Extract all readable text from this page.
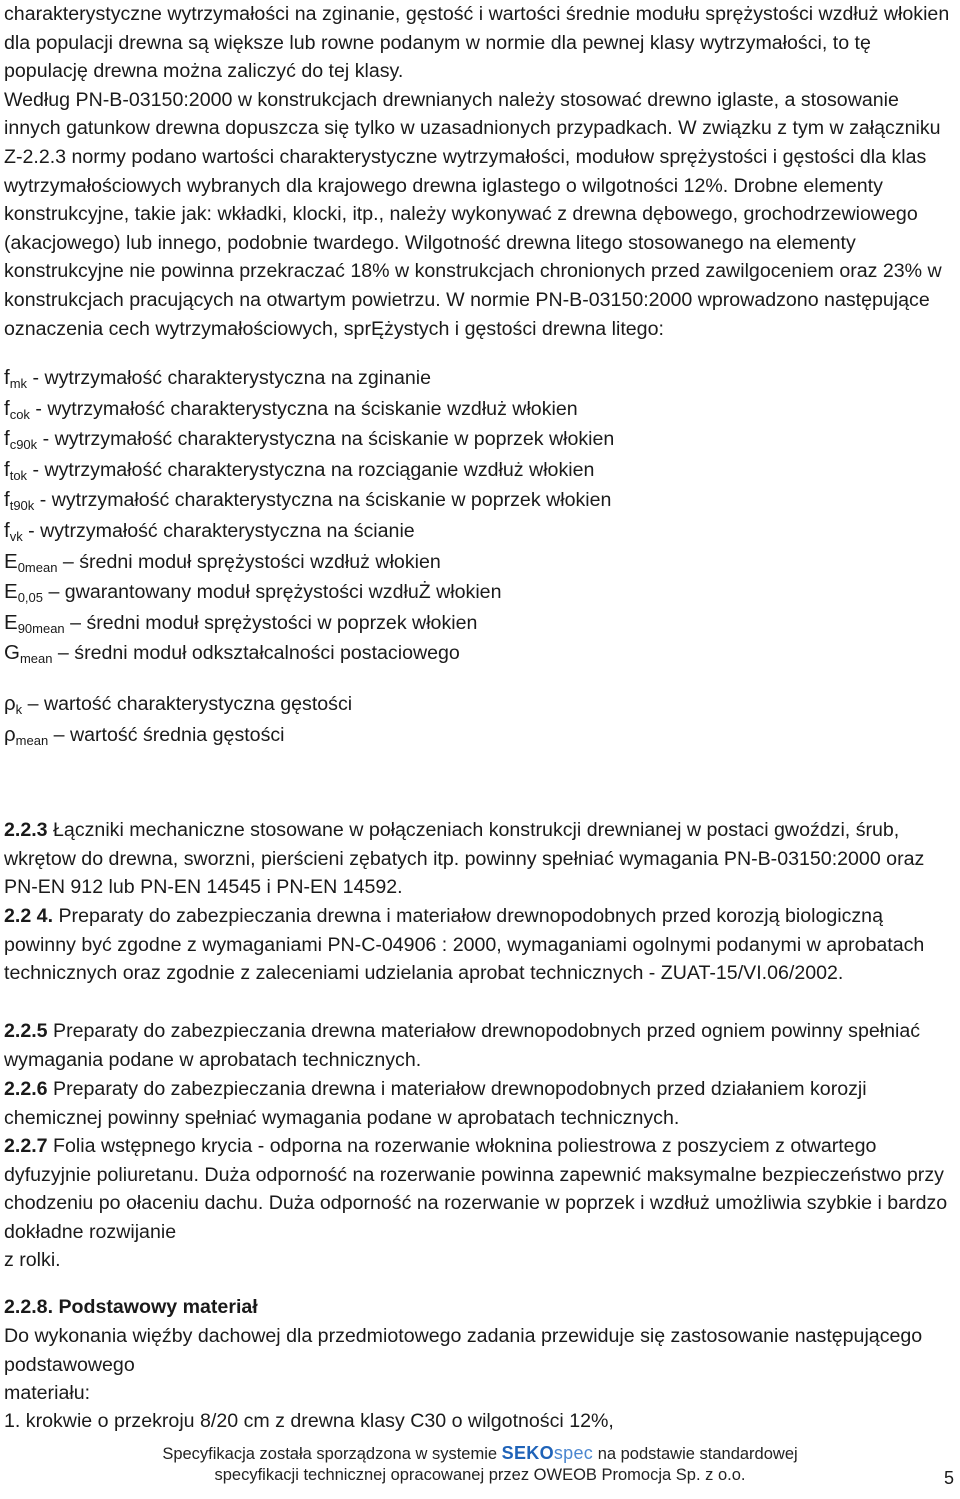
charakterystyczne wytrzymałości na zginanie, gęstość i wartości średnie modułu sprężystości wzdłuż włokien dla populacji drewna są większe lub rowne podanym w normie dla pewnej klasy wytrzymałości, to tę populację drewna można zaliczyć do tej klasy.

Według PN-B-03150:2000 w konstrukcjach drewnianych należy stosować drewno iglaste, a stosowanie innych gatunkow drewna dopuszcza się tylko w uzasadnionych przypadkach. W związku z tym w załączniku Z-2.2.3 normy podano wartości charakterystyczne wytrzymałości, modułow sprężystości i gęstości dla klas wytrzymałościowych wybranych dla krajowego drewna iglastego o wilgotności 12%. Drobne elementy konstrukcyjne, takie jak: wkładki, klocki, itp., należy wykonywać z drewna dębowego, grochodrzewiowego (akacjowego) lub innego, podobnie twardego. Wilgotność drewna litego stosowanego na elementy konstrukcyjne nie powinna przekraczać 18% w konstrukcjach chronionych przed zawilgoceniem oraz 23% w konstrukcjach pracujących na otwartym powietrzu. W normie PN-B-03150:2000 wprowadzono następujące oznaczenia cech wytrzymałościowych, sprĘżystych i gęstości drewna litego:

$f_{mk}$ - wytrzymałość charakterystyczna na zginanie

$f_{cok}$ - wytrzymałość charakterystyczna na ściskanie wzdłuż włokien

$f_{c90k}$ - wytrzymałość charakterystyczna na ściskanie w poprzek włokien

$f_{tok}$ - wytrzymałość charakterystyczna na rozciąganie wzdłuż włokien

$f_{t90k}$ - wytrzymałość charakterystyczna na ściskanie w poprzek włokien

$f_{vk}$ - wytrzymałość charakterystyczna na ścianie

$E_{0mean}$ – średni moduł sprężystości wzdłuż włokien

$E_{0,05}$ – gwarantowany moduł sprężystości wzdłuŻ włokien

$E_{90mean}$ – średni moduł sprężystości w poprzek włokien

$G_{mean}$ – średni moduł odkształcalności postaciowego

$\rho_k$ – wartość charakterystyczna gęstości

$\rho_{mean}$ – wartość średnia gęstości

2.2.3 Łączniki mechaniczne stosowane w połączeniach konstrukcji drewnianej w postaci gwoździ, śrub, wkrętow do drewna, sworzni, pierścieni zębatych itp. powinny spełniać wymagania PN-B-03150:2000 oraz PN-EN 912 lub PN-EN 14545 i PN-EN 14592.

2.2 4. Preparaty do zabezpieczania drewna i materiałow drewnopodobnych przed korozją biologiczną powinny być zgodne z wymaganiami PN-C-04906 : 2000, wymaganiami ogolnymi podanymi w aprobatach technicznych oraz zgodnie z zaleceniami udzielania aprobat technicznych - ZUAT-15/VI.06/2002.

2.2.5 Preparaty do zabezpieczania drewna materiałow drewnopodobnych przed ogniem powinny spełniać wymagania podane w aprobatach technicznych.

2.2.6 Preparaty do zabezpieczania drewna i materiałow drewnopodobnych przed działaniem korozji chemicznej powinny spełniać wymagania podane w aprobatach technicznych.

2.2.7 Folia wstępnego krycia - odporna na rozerwanie włoknina poliestrowa z poszyciem z otwartego dyfuzyjnie poliuretanu. Duża odporność na rozerwanie powinna zapewnić maksymalne bezpieczeństwo przy chodzeniu po ołaceniu dachu. Duża odporność na rozerwanie w poprzek i wzdłuż umożliwia szybkie i bardzo dokładne rozwijanie

z rolki.

2.2.8. Podstawowy materiał

Do wykonania więźby dachowej dla przedmiotowego zadania przewiduje się zastosowanie następującego podstawowego

materiału:

1. krokwie o przekroju 8/20 cm z drewna klasy C30 o wilgotności 12%,

Specyfikacja została sporządzona w systemie SEKOspec na podstawie standardowej
specyfikacji technicznej opracowanej przez OWEOB Promocja Sp. z o.o.	5
